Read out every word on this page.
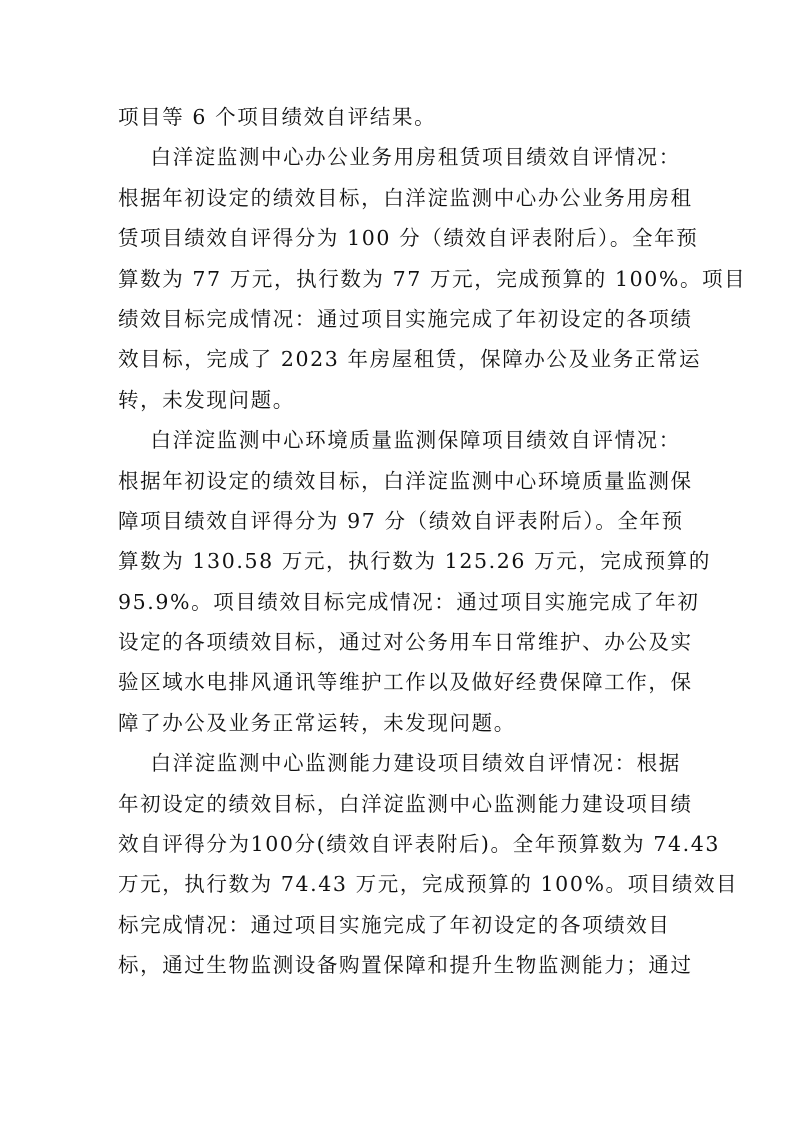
项目等 6 个项目绩效自评结果。
白洋淀监测中心办公业务用房租赁项目绩效自评情况：
根据年初设定的绩效目标，白洋淀监测中心办公业务用房租
赁项目绩效自评得分为 100 分（绩效自评表附后）。全年预
算数为 77 万元，执行数为 77 万元，完成预算的 100%。项目
绩效目标完成情况：通过项目实施完成了年初设定的各项绩
效目标，完成了 2023 年房屋租赁，保障办公及业务正常运
转，未发现问题。
白洋淀监测中心环境质量监测保障项目绩效自评情况：
根据年初设定的绩效目标，白洋淀监测中心环境质量监测保
障项目绩效自评得分为 97 分（绩效自评表附后）。全年预
算数为 130.58 万元，执行数为 125.26 万元，完成预算的
95.9%。项目绩效目标完成情况：通过项目实施完成了年初
设定的各项绩效目标，通过对公务用车日常维护、办公及实
验区域水电排风通讯等维护工作以及做好经费保障工作，保
障了办公及业务正常运转，未发现问题。
白洋淀监测中心监测能力建设项目绩效自评情况：根据
年初设定的绩效目标，白洋淀监测中心监测能力建设项目绩
效自评得分为100分(绩效自评表附后)。全年预算数为 74.43
万元，执行数为 74.43 万元，完成预算的 100%。项目绩效目
标完成情况：通过项目实施完成了年初设定的各项绩效目
标，通过生物监测设备购置保障和提升生物监测能力；通过
